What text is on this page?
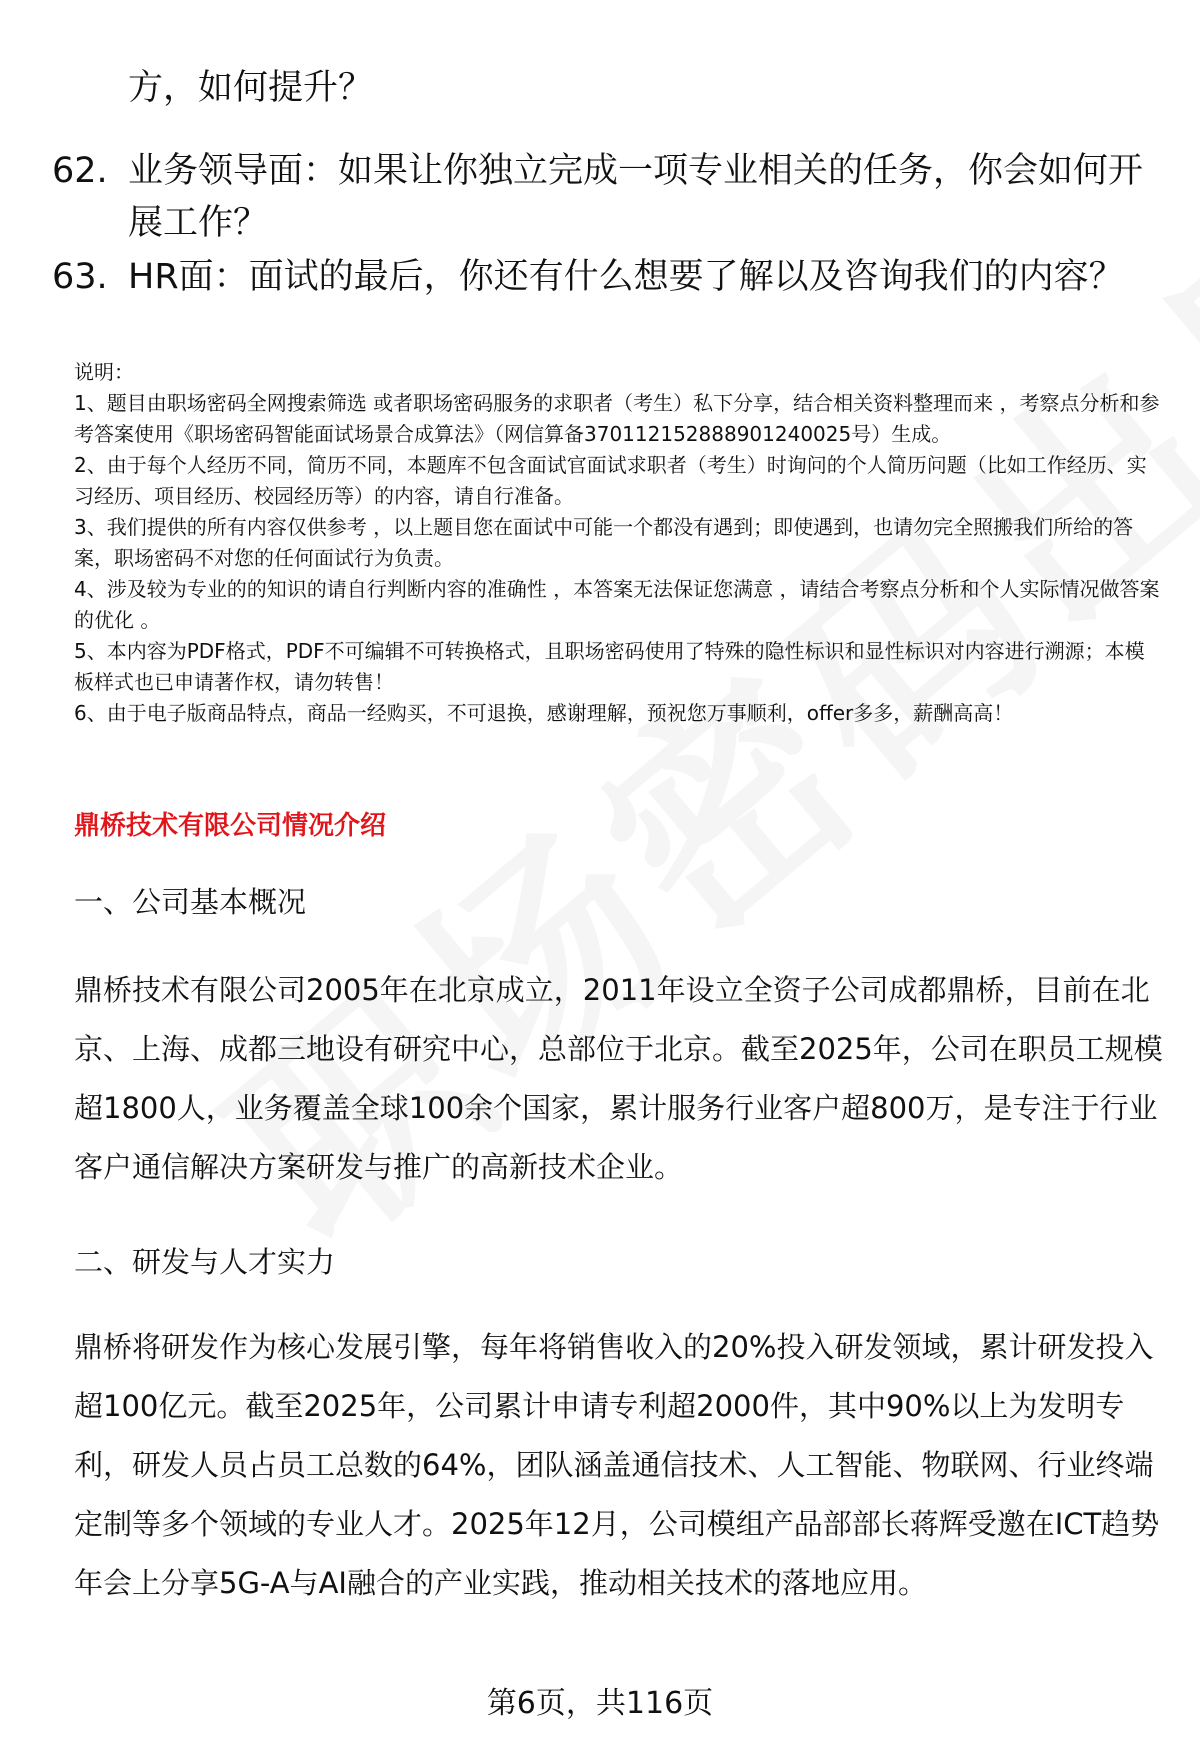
方，如何提升？

62. 业务领导面：如果让你独立完成一项专业相关的任务，你会如何开展工作？
63. HR面：面试的最后，你还有什么想要了解以及咨询我们的内容？

说明：

1、题目由职场密码全网搜索筛选 或者职场密码服务的求职者（考生）私下分享，结合相关资料整理而来 ，考察点分析和参考答案使用《职场密码智能面试场景合成算法》（网信算备370112152888901240025号）生成。

2、由于每个人经历不同，简历不同，本题库不包含面试官面试求职者（考生）时询问的个人简历问题（比如工作经历、实习经历、项目经历、校园经历等）的内容，请自行准备。

3、我们提供的所有内容仅供参考 ，以上题目您在面试中可能一个都没有遇到；即使遇到，也请勿完全照搬我们所给的答案，职场密码不对您的任何面试行为负责。

4、涉及较为专业的的知识的请自行判断内容的准确性 ，本答案无法保证您满意 ，请结合考察点分析和个人实际情况做答案的优化 。

5、本内容为PDF格式，PDF不可编辑不可转换格式，且职场密码使用了特殊的隐性标识和显性标识对内容进行溯源；本模板样式也已申请著作权，请勿转售！

6、由于电子版商品特点，商品一经购买，不可退换，感谢理解，预祝您万事顺利，offer多多，薪酬高高！

鼎桥技术有限公司情况介绍
一、公司基本概况

鼎桥技术有限公司2005年在北京成立，2011年设立全资子公司成都鼎桥，目前在北京、上海、成都三地设有研究中心，总部位于北京。截至2025年，公司在职员工规模超1800人，业务覆盖全球100余个国家，累计服务行业客户超800万，是专注于行业客户通信解决方案研发与推广的高新技术企业。

二、研发与人才实力

鼎桥将研发作为核心发展引擎，每年将销售收入的20%投入研发领域，累计研发投入超100亿元。截至2025年，公司累计申请专利超2000件，其中90%以上为发明专利，研发人员占员工总数的64%，团队涵盖通信技术、人工智能、物联网、行业终端定制等多个领域的专业人才。2025年12月，公司模组产品部部长蒋辉受邀在ICT趋势年会上分享5G-A与AI融合的产业实践，推动相关技术的落地应用。

第6页，共116页
